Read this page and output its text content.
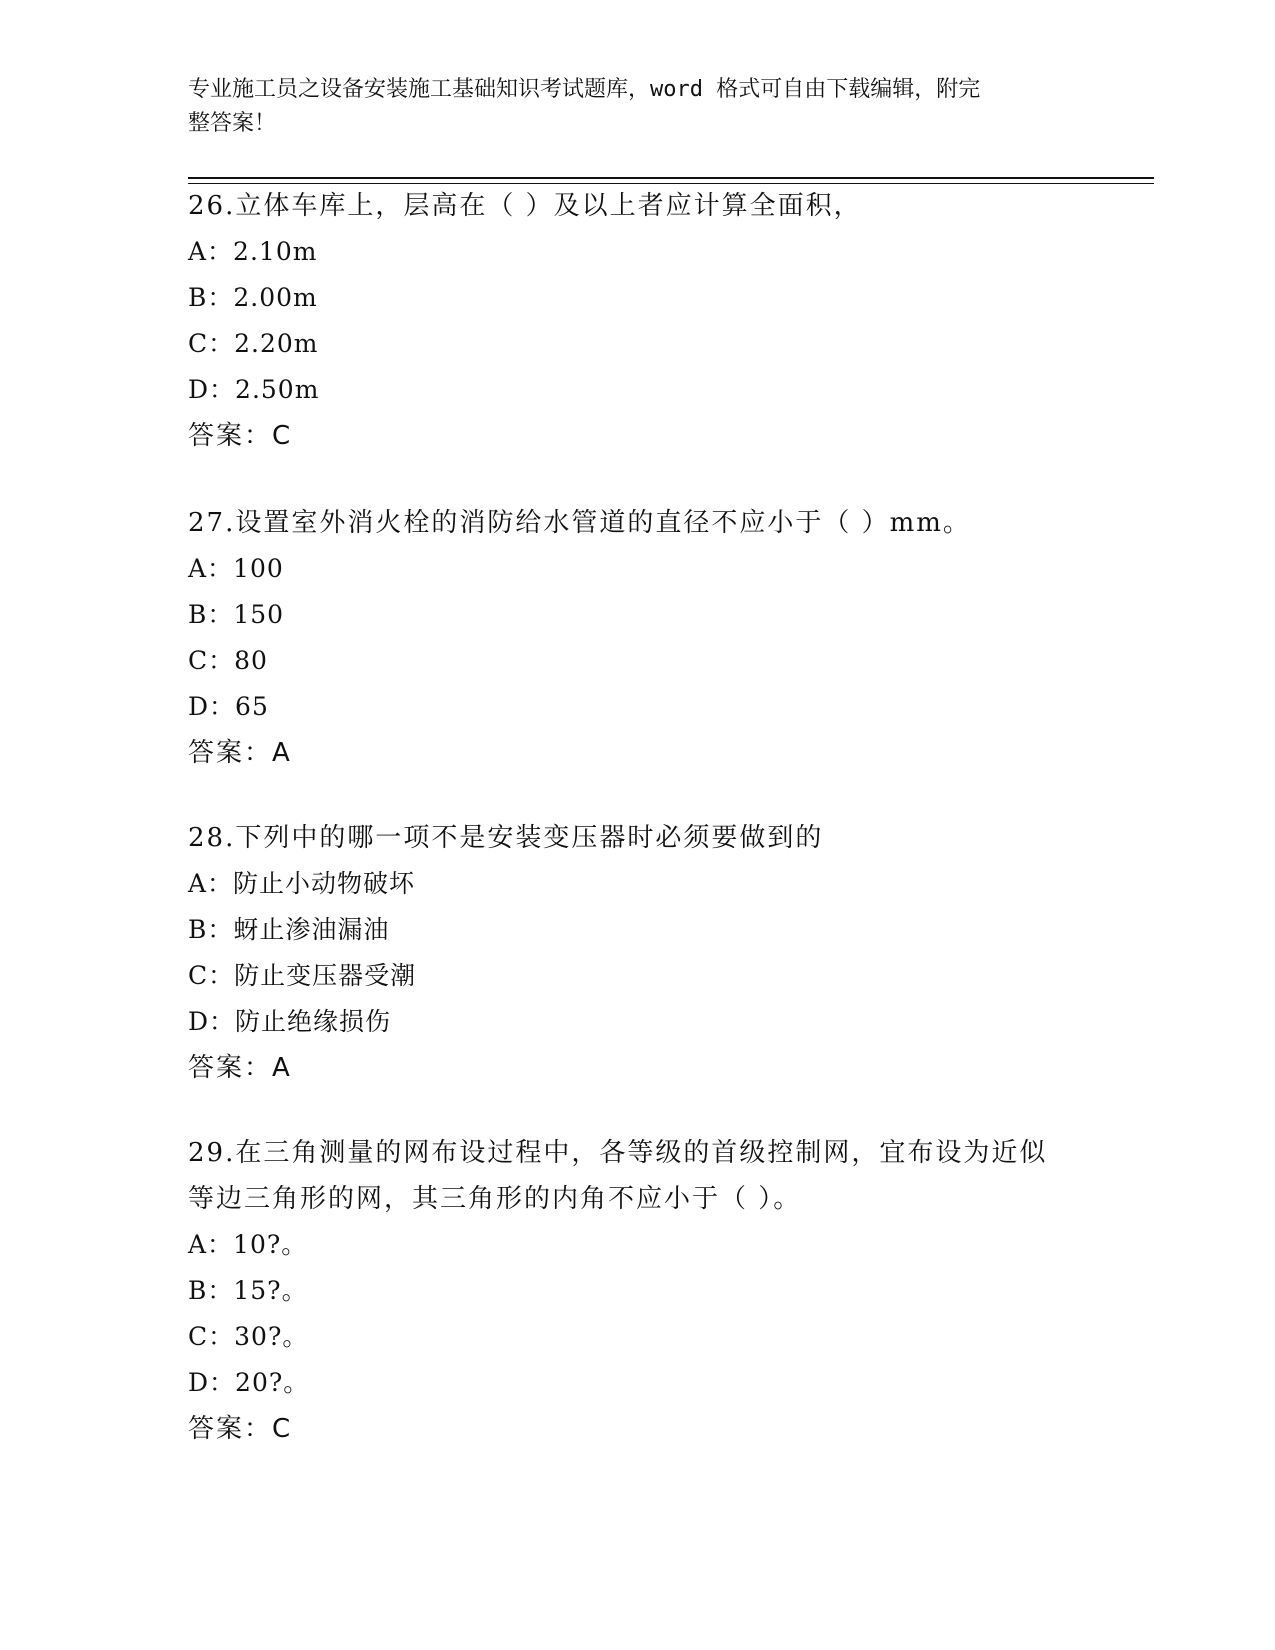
专业施工员之设备安装施工基础知识考试题库，word 格式可自由下载编辑，附完
整答案！

26.立体车库上，层高在（ ）及以上者应计算全面积，

A：2.10m

B：2.00m

C：2.20m

D：2.50m

答案：C

27.设置室外消火栓的消防给水管道的直径不应小于（ ）mm。

A：100

B：150

C：80

D：65

答案：A

28.下列中的哪一项不是安装变压器时必须要做到的

A：防止小动物破坏

B：蚜止渗油漏油

C：防止变压器受潮

D：防止绝缘损伤

答案：A

29.在三角测量的网布设过程中，各等级的首级控制网，宜布设为近似

等边三角形的网，其三角形的内角不应小于（ ）。

A：10?。

B：15?。

C：30?。

D：20?。

答案：C
